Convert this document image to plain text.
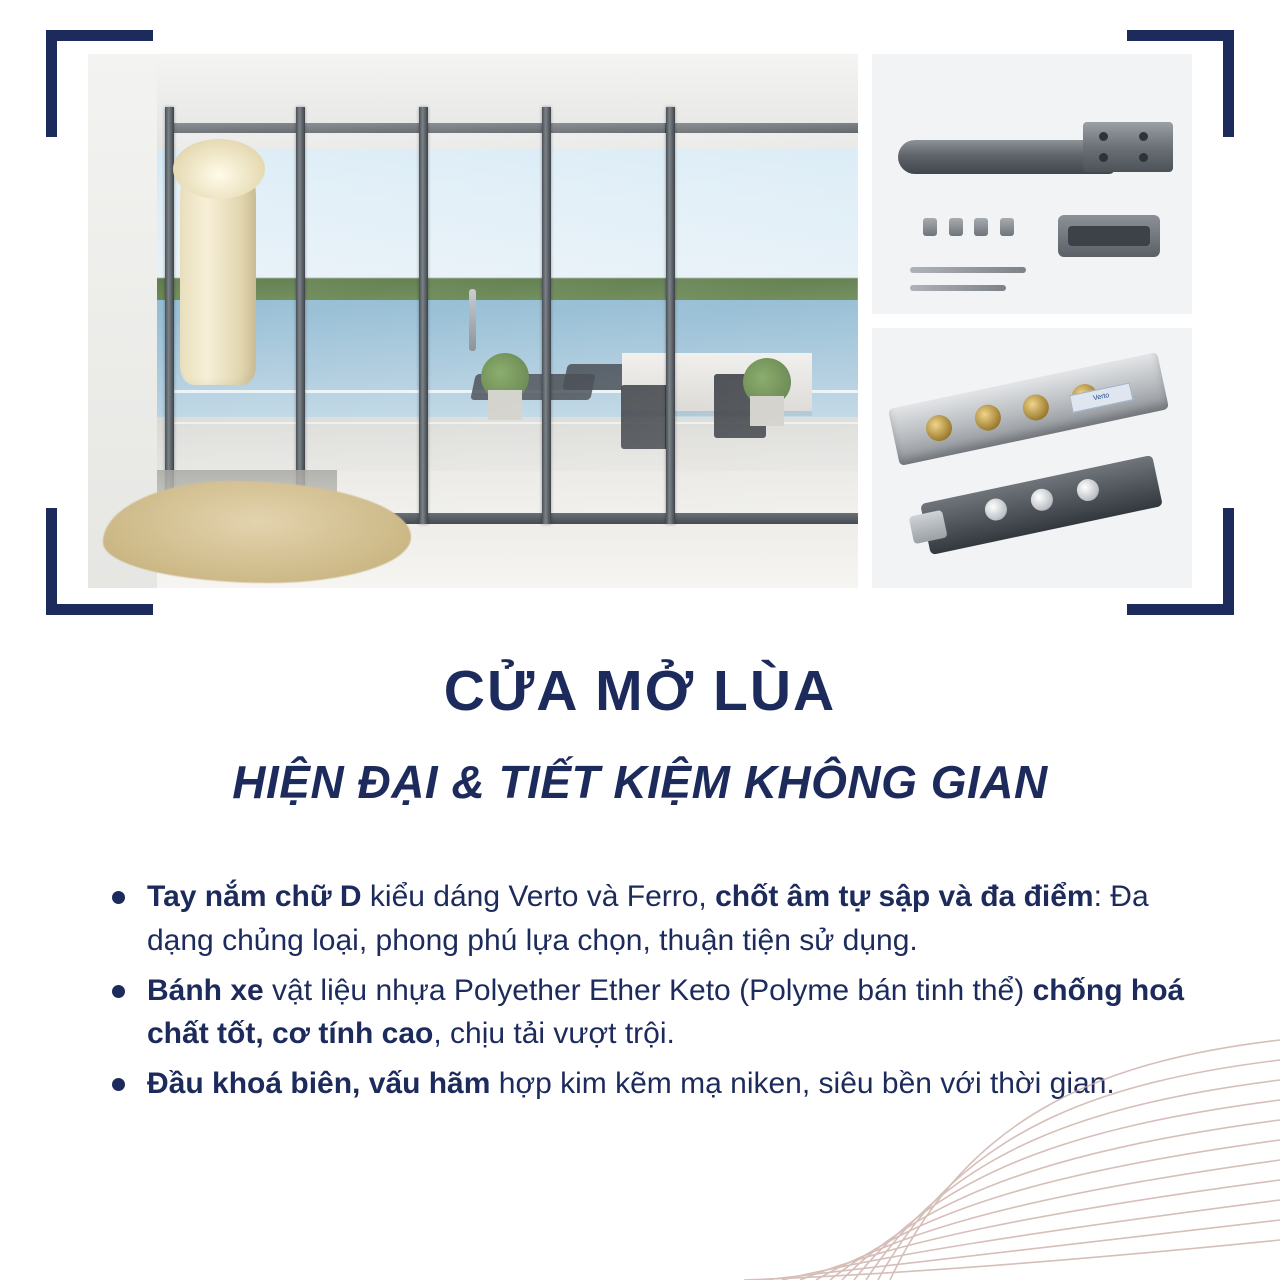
Verto
CỬA MỞ LÙA
HIỆN ĐẠI & TIẾT KIỆM KHÔNG GIAN
Tay nắm chữ D kiểu dáng Verto và Ferro, chốt âm tự sập và đa điểm: Đa dạng chủng loại, phong phú lựa chọn, thuận tiện sử dụng.
Bánh xe vật liệu nhựa Polyether Ether Keto (Polyme bán tinh thể) chống hoá chất tốt, cơ tính cao, chịu tải vượt trội.
Đầu khoá biên, vấu hãm hợp kim kẽm mạ niken, siêu bền với thời gian.
